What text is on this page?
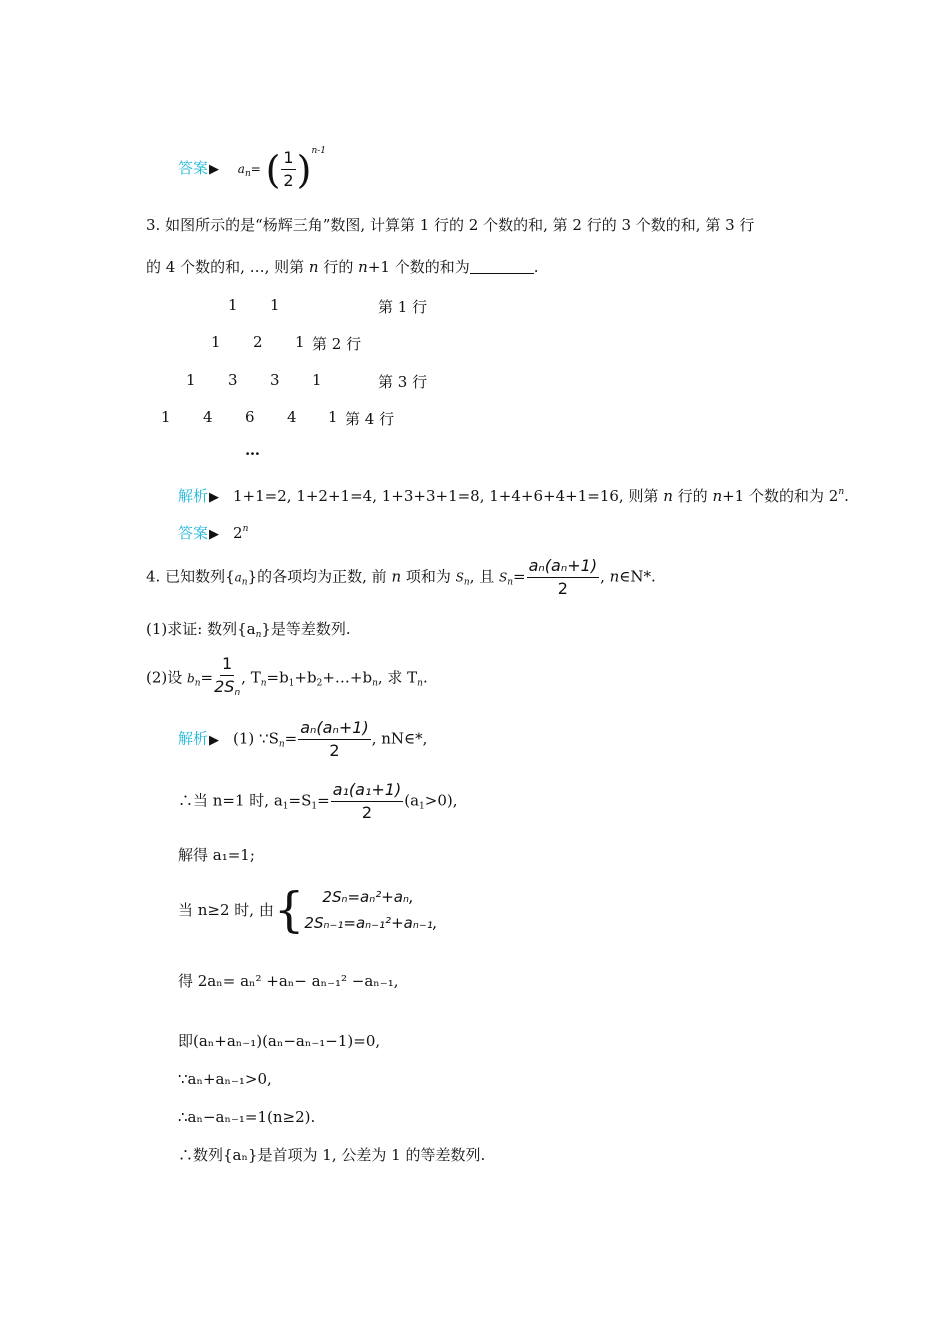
答案▶ $a_n=$ ( $\frac{1}{2} )^{n-1}$
3. 如图所示的是“杨辉三角”数图, 计算第 1 行的 2 个数的和, 第 2 行的 3 个数的和, 第 3 行
的 4 个数的和, …, 则第 n 行的 n+1 个数的和为	.
1 1	第 1 行
1 2 1 第 2 行
1 3 3 1	第 3 行
1 4 6 4 1 第 4 行
…
解析▶ 1+1=2, 1+2+1=4, 1+3+3+1=8, 1+4+6+4+1=16, 则第 n 行的 n+1 个数的和为 2$^n$.
答案▶ 2$^n$
4. 已知数列$\{a_n\}$的各项均为正数, 前 n 项和为 $S_n$, 且 $S_n= \frac{\text{aₙ(aₙ+1)}}{2}$ , n∈N*.
(1)求证: 数列$\{a_n\}$是等差数列.
(2)设 $b_n= \frac{1}{2S_n}$ , $T_n=b_1+b_2+\dots+b_n$, 求 $T_n$.
解析▶ (1) $\because S_n= \frac{\text{aₙ(aₙ+1)}}{2}$ , nN∈*,
∴当 n=1 时, $a_1=S_1= \frac{\text{a₁(a₁+1)}}{2} (a_1>0)$,
解得 a₁=1;
当 n≥2 时, 由{	2Sₙ=aₙ²+aₙ,
2Sₙ₋₁=aₙ₋₁²+aₙ₋₁,
得 2aₙ= aₙ² +aₙ− aₙ₋₁² −aₙ₋₁,
即(aₙ+aₙ₋₁)(aₙ−aₙ₋₁−1)=0,
∵aₙ+aₙ₋₁>0,
∴aₙ−aₙ₋₁=1(n≥2).
∴数列{aₙ}是首项为 1, 公差为 1 的等差数列.
